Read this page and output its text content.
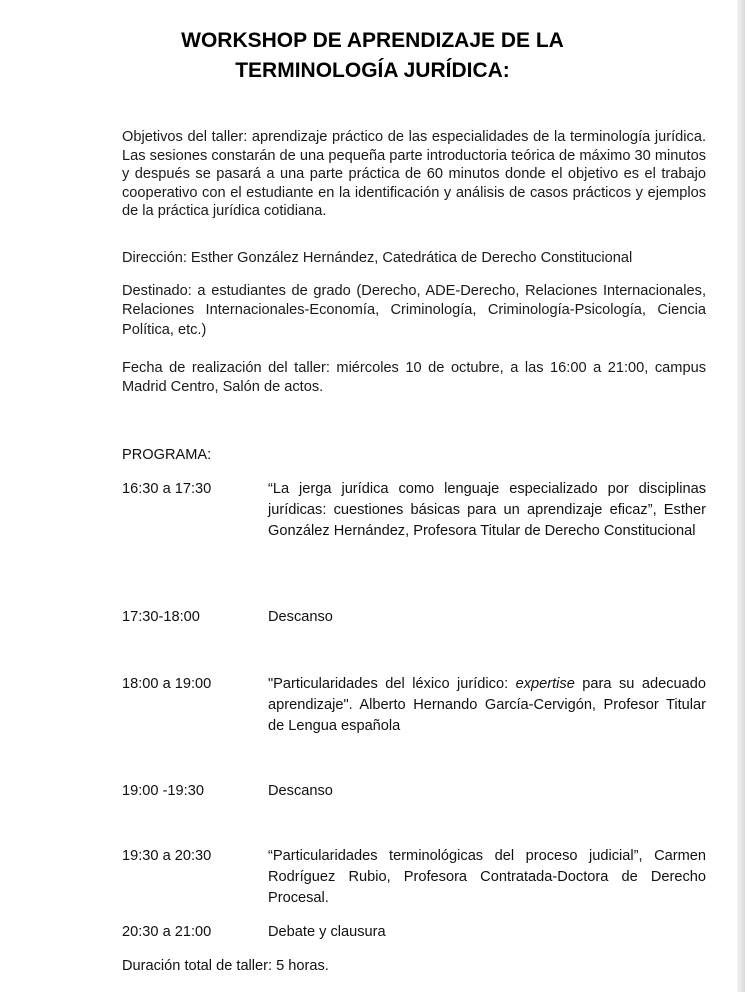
WORKSHOP DE APRENDIZAJE DE LA
TERMINOLOGÍA JURÍDICA:
Objetivos del taller: aprendizaje práctico de las especialidades de la terminología jurídica. Las sesiones constarán de una pequeña parte introductoria teórica de máximo 30 minutos y después se pasará a una parte práctica de 60 minutos donde el objetivo es el trabajo cooperativo con el estudiante en la identificación y análisis de casos prácticos y ejemplos de la práctica jurídica cotidiana.
Dirección: Esther González Hernández, Catedrática de Derecho Constitucional
Destinado: a estudiantes de grado (Derecho, ADE-Derecho, Relaciones Internacionales, Relaciones Internacionales-Economía, Criminología, Criminología-Psicología, Ciencia Política, etc.)
Fecha de realización del taller: miércoles 10 de octubre, a las 16:00 a 21:00, campus Madrid Centro, Salón de actos.
PROGRAMA:
16:30 a 17:30	“La jerga jurídica como lenguaje especializado por disciplinas jurídicas: cuestiones básicas para un aprendizaje eficaz”, Esther González Hernández, Profesora Titular de Derecho Constitucional
17:30-18:00	Descanso
18:00 a 19:00	"Particularidades del léxico jurídico: expertise para su adecuado aprendizaje". Alberto Hernando García-Cervigón, Profesor Titular de Lengua española
19:00 -19:30	Descanso
19:30 a 20:30	“Particularidades terminológicas del proceso judicial”, Carmen Rodríguez Rubio, Profesora Contratada-Doctora de Derecho Procesal.
20:30 a 21:00	Debate y clausura
Duración total de taller: 5 horas.
